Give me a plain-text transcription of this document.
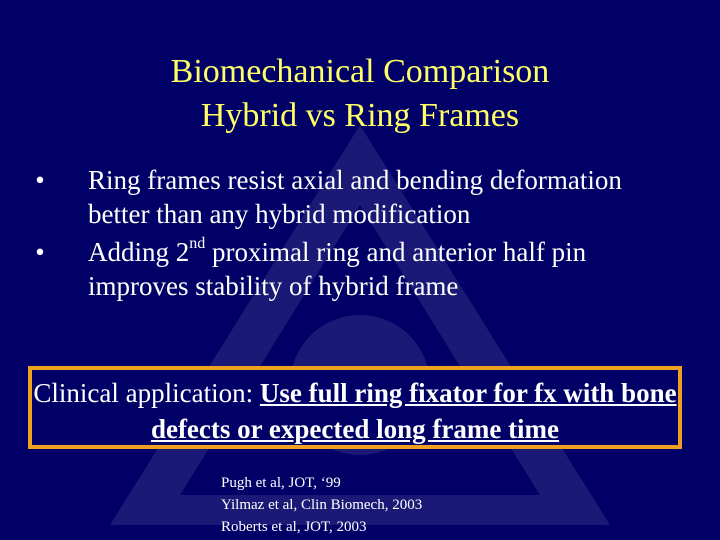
Biomechanical Comparison
Hybrid vs Ring Frames
• Ring frames resist axial and bending deformation better than any hybrid modification
• Adding 2nd proximal ring and anterior half pin improves stability of hybrid frame
Clinical application: Use full ring fixator for fx with bone defects or expected long frame time
Pugh et al, JOT, ‘99
Yilmaz et al, Clin Biomech, 2003
Roberts et al, JOT, 2003
